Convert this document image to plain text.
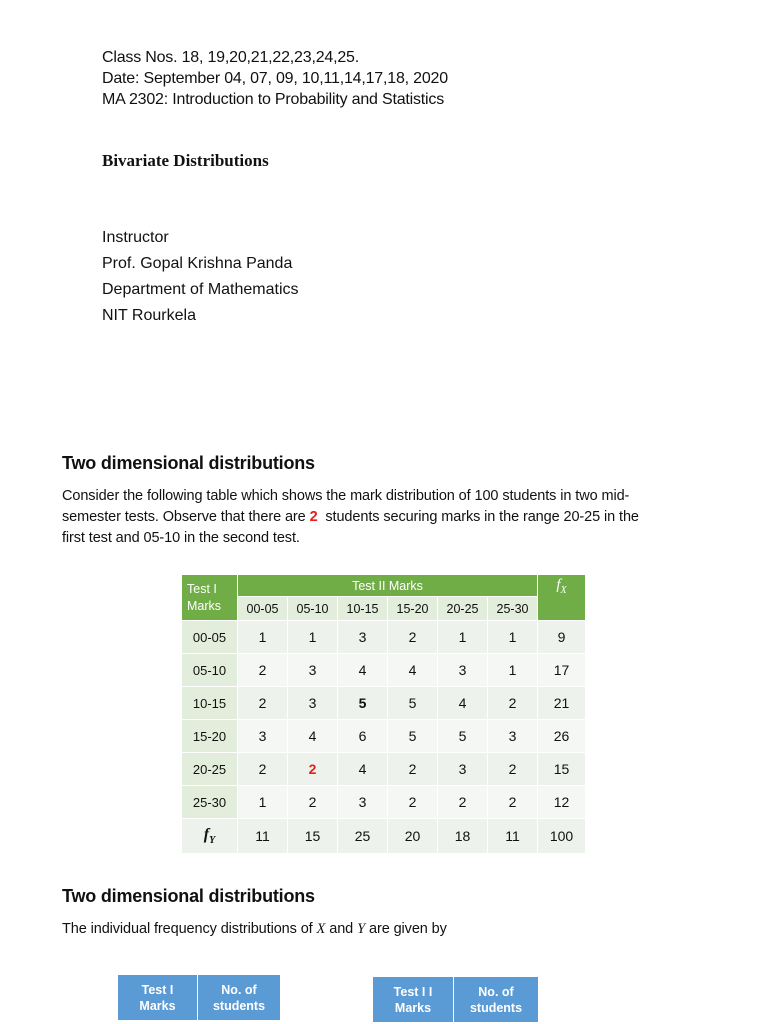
Class Nos. 18, 19,20,21,22,23,24,25.
Date: September 04, 07, 09, 10,11,14,17,18, 2020
MA 2302: Introduction to Probability and Statistics
Bivariate Distributions
Instructor
Prof. Gopal Krishna Panda
Department of Mathematics
NIT Rourkela
Two dimensional distributions

Consider the following table which shows the mark distribution of 100 students in two mid-

semester tests. Observe that there are 2 students securing marks in the range 20-25 in the

first test and 05-10 in the second test.

Test I
Marks	Test II Marks						$f_X$
	00-05	05-10	10-15	15-20	20-25	25-30	
00-05	1	1	3	2	1	1	9
05-10	2	3	4	4	3	1	17
10-15	2	3	5	5	4	2	21
15-20	3	4	6	5	5	3	26
20-25	2	2	4	2	3	2	15
25-30	1	2	3	2	2	2	12
$f_Y$	11	15	25	20	18	11	100
Two dimensional distributions

The individual frequency distributions of X and Y are given by

Test I
Marks
No. of
students
Test I I
Marks
No. of
students
